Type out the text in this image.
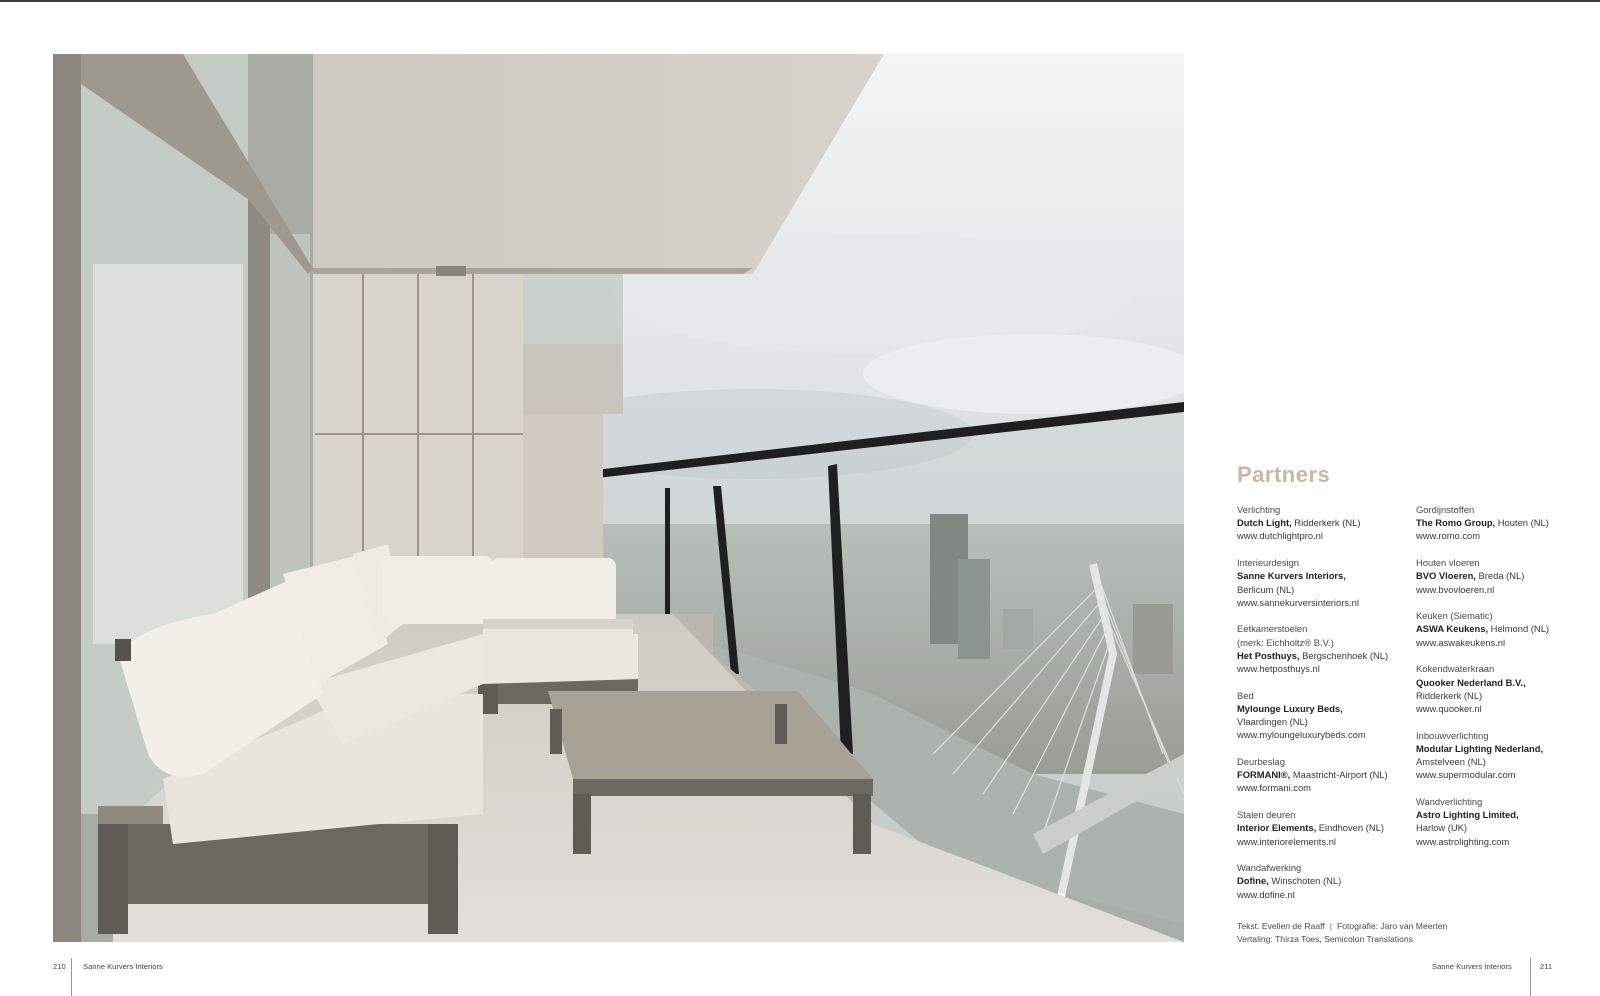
Partners
Verlichting
Dutch Light, Ridderkerk (NL)
www.dutchlightpro.nl
Interieurdesign
Sanne Kurvers Interiors,
Berlicum (NL)
www.sannekurversinteriors.nl
Eetkamerstoelen
(merk: Eichholtz® B.V.)
Het Posthuys, Bergschenhoek (NL)
www.hetposthuys.nl
Bed
Mylounge Luxury Beds,
Vlaardingen (NL)
www.myloungeluxurybeds.com
Deurbeslag
FORMANI®, Maastricht-Airport (NL)
www.formani.com
Stalen deuren
Interior Elements, Eindhoven (NL)
www.interiorelements.nl
Wandafwerking
Dofine, Winschoten (NL)
www.dofine.nl
Gordijnstoffen
The Romo Group, Houten (NL)
www.romo.com
Houten vloeren
BVO Vloeren, Breda (NL)
www.bvovloeren.nl
Keuken (Siematic)
ASWA Keukens, Helmond (NL)
www.aswakeukens.nl
Kokendwaterkraan
Quooker Nederland B.V.,
Ridderkerk (NL)
www.quooker.nl
Inbouwverlichting
Modular Lighting Nederland,
Amstelveen (NL)
www.supermodular.com
Wandverlichting
Astro Lighting Limited,
Harlow (UK)
www.astrolighting.com
Tekst: Evelien de Raaff | Fotografie: Jaro van Meerten
Vertaling: Thirza Toes, Semicolon Translations
210 Sanne Kurvers Interiors	Sanne Kurvers Interiors	211
